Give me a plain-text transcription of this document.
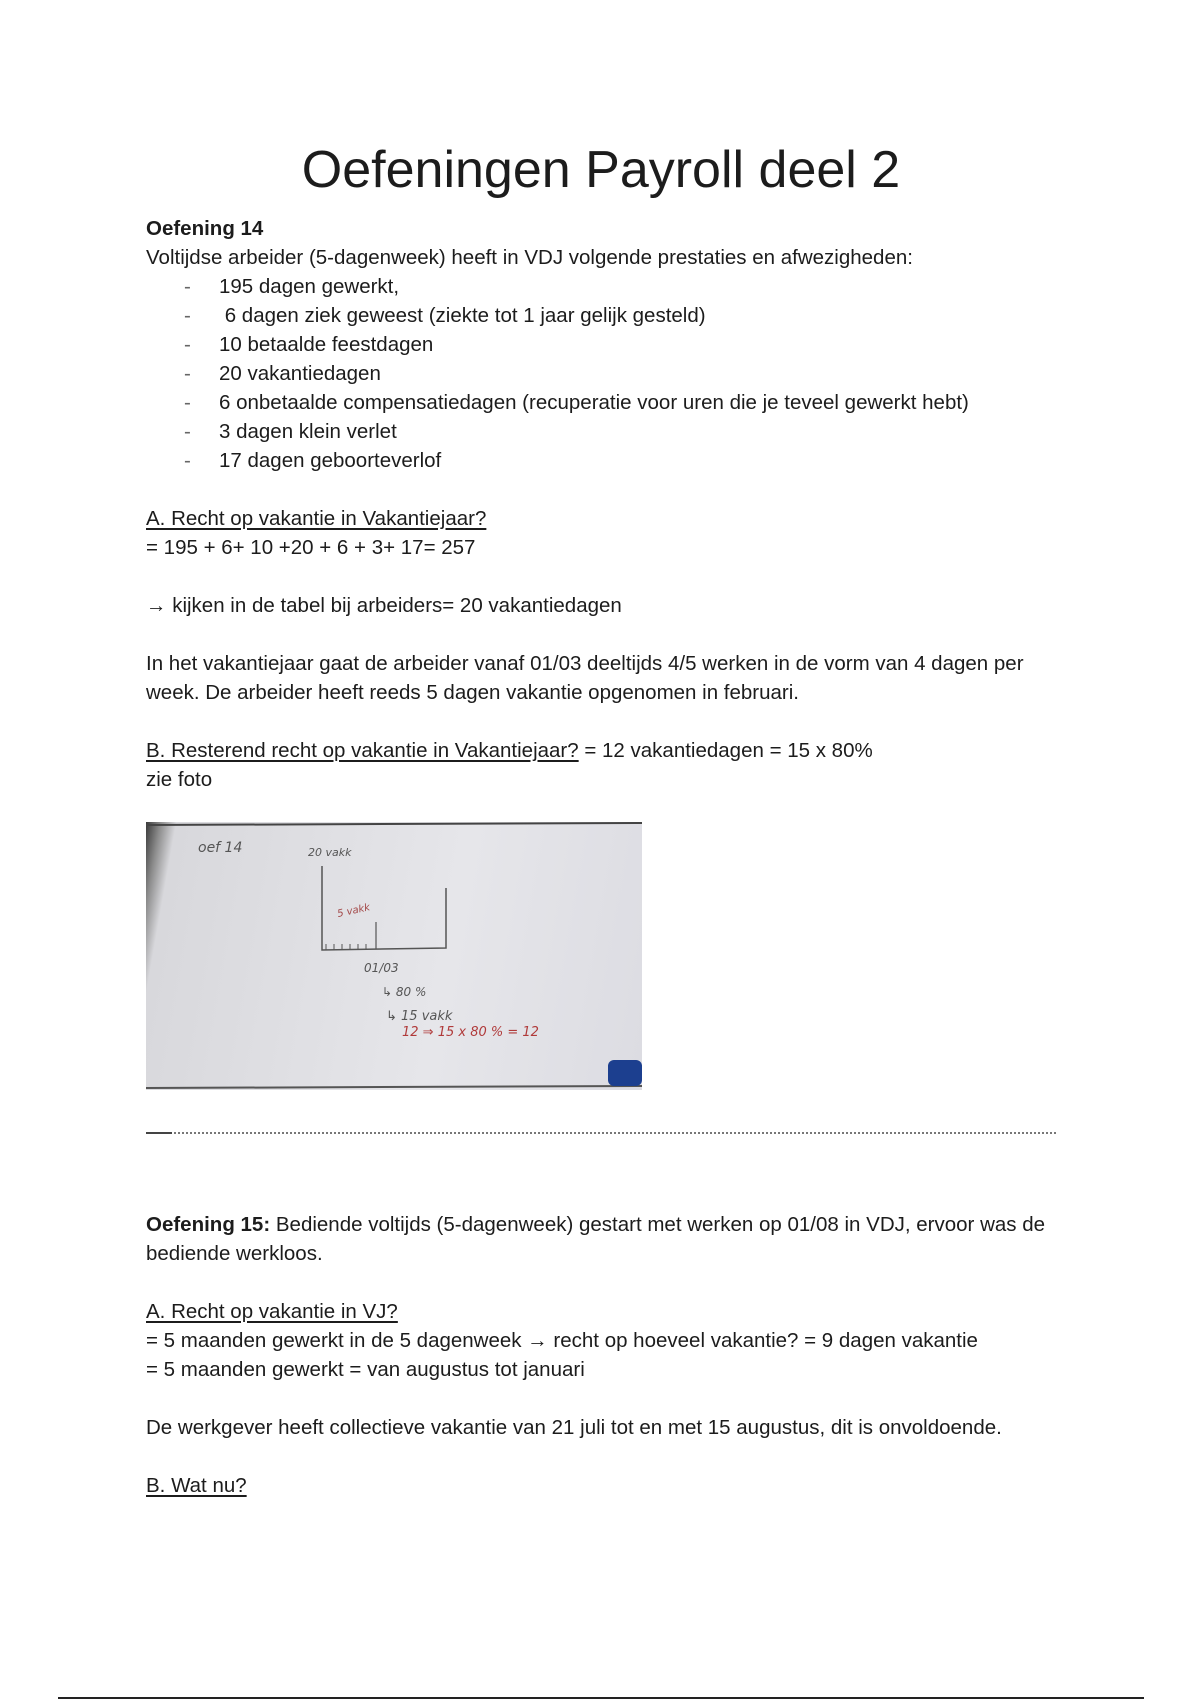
Oefeningen Payroll deel 2

Oefening 14

Voltijdse arbeider (5-dagenweek) heeft in VDJ volgende prestaties en afwezigheden:

- 195 dagen gewerkt,
-  6 dagen ziek geweest (ziekte tot 1 jaar gelijk gesteld)
- 10 betaalde feestdagen
- 20 vakantiedagen
- 6 onbetaalde compensatiedagen (recuperatie voor uren die je teveel gewerkt hebt)
- 3 dagen klein verlet
- 17 dagen geboorteverlof

A. Recht op vakantie in Vakantiejaar?

= 195 + 6+ 10 +20 + 6 + 3+ 17= 257

→ kijken in de tabel bij arbeiders= 20 vakantiedagen

In het vakantiejaar gaat de arbeider vanaf 01/03 deeltijds 4/5 werken in de vorm van 4 dagen per week. De arbeider heeft reeds 5 dagen vakantie opgenomen in februari.

B. Resterend recht op vakantie in Vakantiejaar? = 12 vakantiedagen = 15 x 80%

zie foto

oef 14	20 vakk
5 vakk
01/03
↳ 80 %
↳ 15 vakk
12 ⇒ 15 x 80 % = 12

Oefening 15: Bediende voltijds (5-dagenweek) gestart met werken op 01/08 in VDJ, ervoor was de bediende werkloos.

A. Recht op vakantie in VJ?

= 5 maanden gewerkt in de 5 dagenweek → recht op hoeveel vakantie? = 9 dagen vakantie

= 5 maanden gewerkt = van augustus tot januari

De werkgever heeft collectieve vakantie van 21 juli tot en met 15 augustus, dit is onvoldoende.

B. Wat nu?
